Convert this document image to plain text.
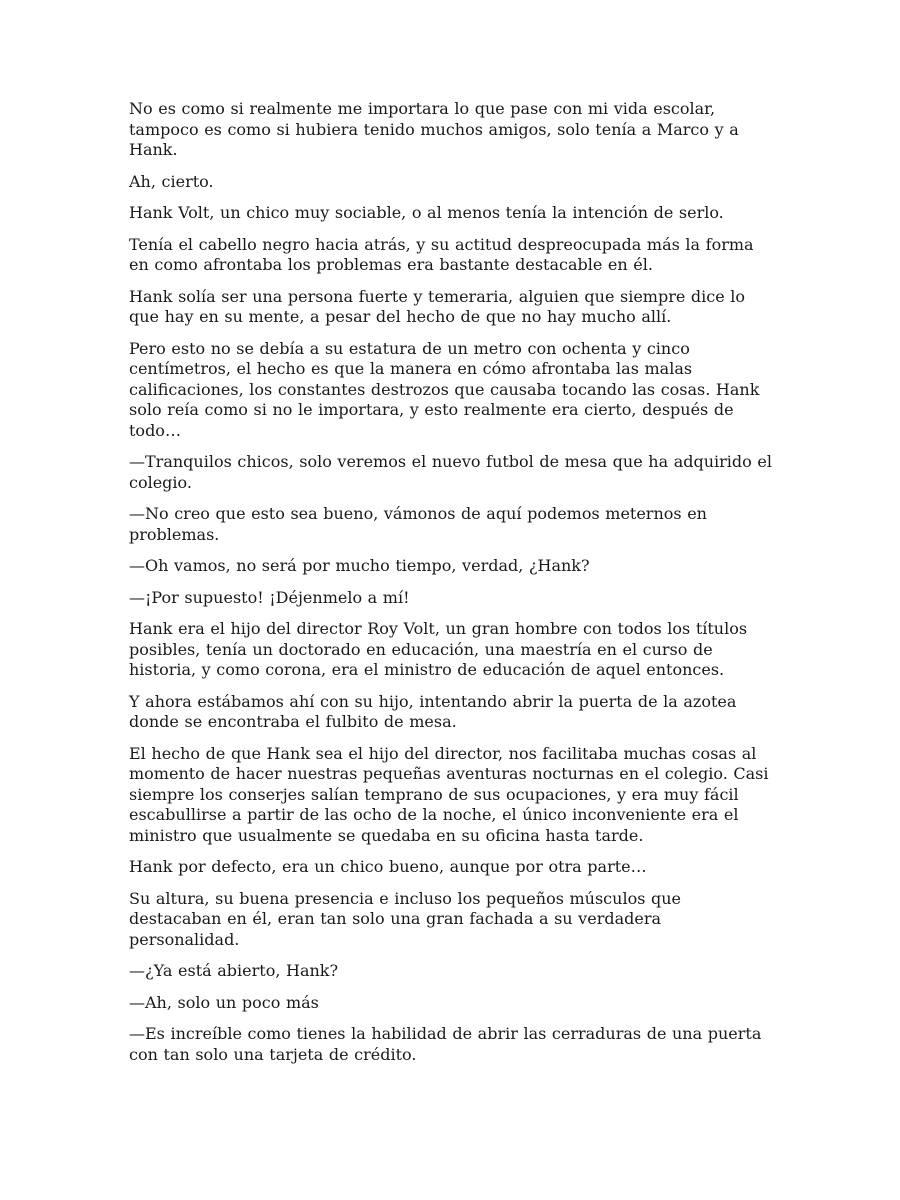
No es como si realmente me importara lo que pase con mi vida escolar, tampoco es como si hubiera tenido muchos amigos, solo tenía a Marco y a Hank.

Ah, cierto.

Hank Volt, un chico muy sociable, o al menos tenía la intención de serlo.

Tenía el cabello negro hacia atrás, y su actitud despreocupada más la forma en como afrontaba los problemas era bastante destacable en él.

Hank solía ser una persona fuerte y temeraria, alguien que siempre dice lo que hay en su mente, a pesar del hecho de que no hay mucho allí.

Pero esto no se debía a su estatura de un metro con ochenta y cinco centímetros, el hecho es que la manera en cómo afrontaba las malas calificaciones, los constantes destrozos que causaba tocando las cosas. Hank solo reía como si no le importara, y esto realmente era cierto, después de todo…

—Tranquilos chicos, solo veremos el nuevo futbol de mesa que ha adquirido el colegio.

—No creo que esto sea bueno, vámonos de aquí podemos meternos en problemas.

—Oh vamos, no será por mucho tiempo, verdad, ¿Hank?

—¡Por supuesto! ¡Déjenmelo a mí!

Hank era el hijo del director Roy Volt, un gran hombre con todos los títulos posibles, tenía un doctorado en educación, una maestría en el curso de historia, y como corona, era el ministro de educación de aquel entonces.

Y ahora estábamos ahí con su hijo, intentando abrir la puerta de la azotea donde se encontraba el fulbito de mesa.

El hecho de que Hank sea el hijo del director, nos facilitaba muchas cosas al momento de hacer nuestras pequeñas aventuras nocturnas en el colegio. Casi siempre los conserjes salían temprano de sus ocupaciones, y era muy fácil escabullirse a partir de las ocho de la noche, el único inconveniente era el ministro que usualmente se quedaba en su oficina hasta tarde.

Hank por defecto, era un chico bueno, aunque por otra parte…

Su altura, su buena presencia e incluso los pequeños músculos que destacaban en él, eran tan solo una gran fachada a su verdadera personalidad.

—¿Ya está abierto, Hank?

—Ah, solo un poco más

—Es increíble como tienes la habilidad de abrir las cerraduras de una puerta con tan solo una tarjeta de crédito.
